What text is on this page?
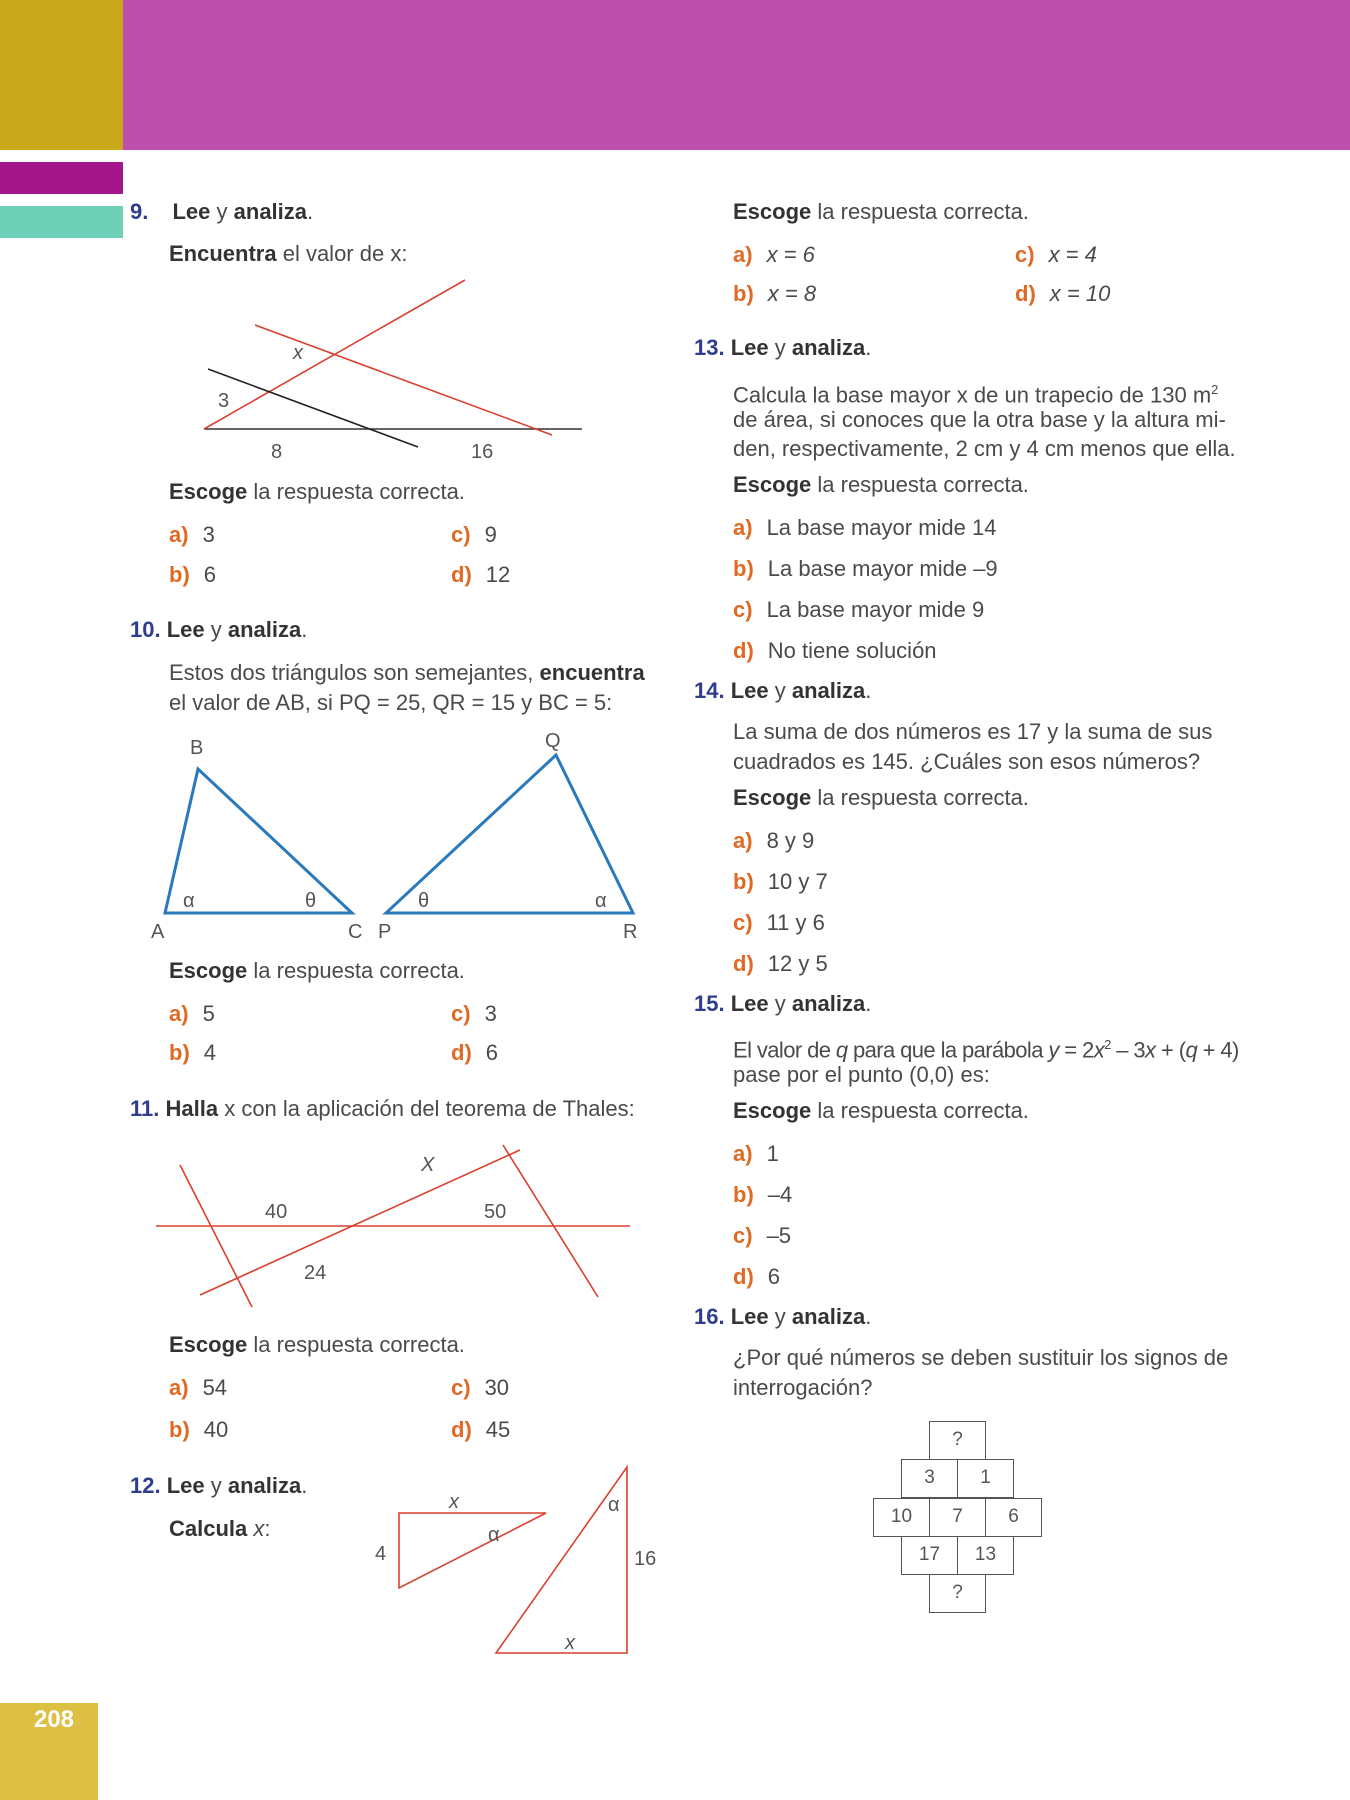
9. Lee y analiza.
Encuentra el valor de x:
x
3
8	16
Escoge la respuesta correcta.
a) 3
b) 6
c) 9
d) 12
10. Lee y analiza.
Estos dos triángulos son semejantes, encuentra
el valor de AB, si PQ = 25, QR = 15 y BC = 5:
B
A	C P
Q
R
α	θ	θ	α
Escoge la respuesta correcta.
a) 5
b) 4
c) 3
d) 6
11. Halla x con la aplicación del teorema de Thales:
X
40	50
24
Escoge la respuesta correcta.
a) 54
b) 40
c) 30
d) 45
12. Lee y analiza.
Calcula x:
x
α
4
α
16
x
Escoge la respuesta correcta.
a) x = 6
b) x = 8
c) x = 4
d) x = 10
13. Lee y analiza.
Calcula la base mayor x de un trapecio de 130 $m^2$
de área, si conoces que la otra base y la altura mi-
den, respectivamente, 2 cm y 4 cm menos que ella.
Escoge la respuesta correcta.
a) La base mayor mide 14
b) La base mayor mide –9
c) La base mayor mide 9
d) No tiene solución
14. Lee y analiza.
La suma de dos números es 17 y la suma de sus
cuadrados es 145. ¿Cuáles son esos números?
Escoge la respuesta correcta.
a) 8 y 9
b) 10 y 7
c) 11 y 6
d) 12 y 5
15. Lee y analiza.
El valor de q para que la parábola $y = 2x^2 - 3x + (q + 4)$
pase por el punto (0,0) es:
Escoge la respuesta correcta.
a) 1
b) –4
c) –5
d) 6
16. Lee y analiza.
¿Por qué números se deben sustituir los signos de
interrogación?
?
3	1
10	7	6
17	13
?
208
